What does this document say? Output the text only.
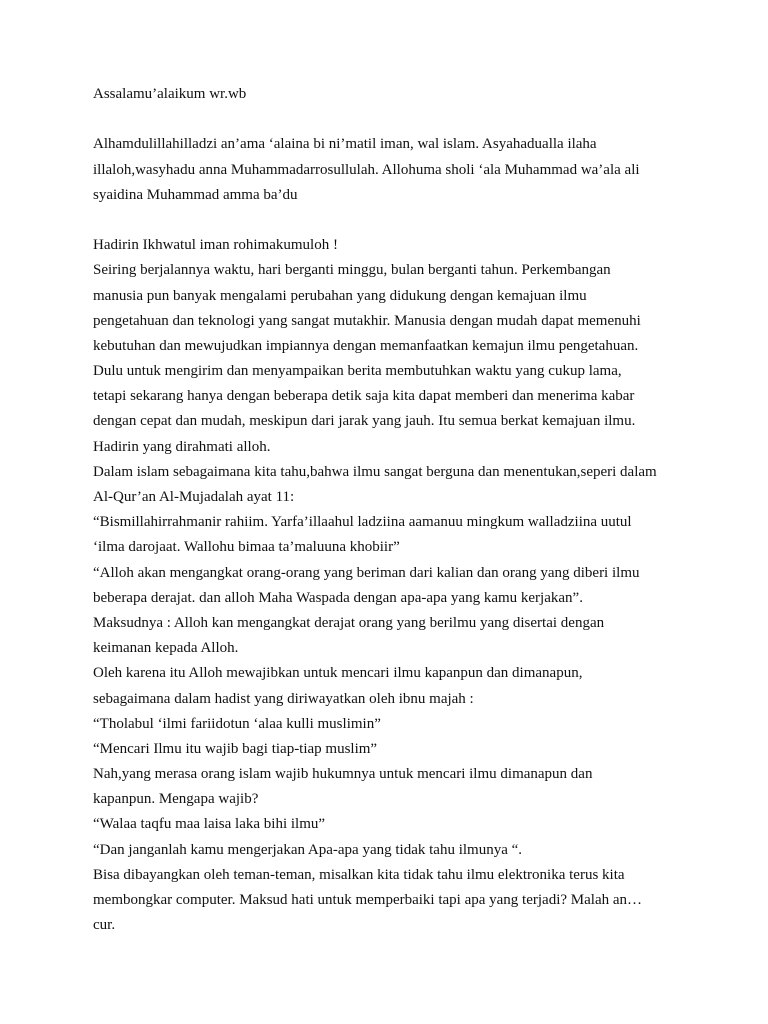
Assalamu’alaikum wr.wb
Alhamdulillahilladzi an’ama ‘alaina bi ni’matil iman, wal islam. Asyahadualla ilaha
illaloh,wasyhadu anna Muhammadarrosullulah. Allohuma sholi ‘ala Muhammad wa’ala ali
syaidina Muhammad amma ba’du
Hadirin Ikhwatul iman rohimakumuloh !
Seiring berjalannya waktu, hari berganti minggu, bulan berganti tahun. Perkembangan
manusia pun banyak mengalami perubahan yang didukung dengan kemajuan ilmu
pengetahuan dan teknologi yang sangat mutakhir. Manusia dengan mudah dapat memenuhi
kebutuhan dan mewujudkan impiannya dengan memanfaatkan kemajun ilmu pengetahuan.
Dulu untuk mengirim dan menyampaikan berita membutuhkan waktu yang cukup lama,
tetapi sekarang hanya dengan beberapa detik saja kita dapat memberi dan menerima kabar
dengan cepat dan mudah, meskipun dari jarak yang jauh. Itu semua berkat kemajuan ilmu.
Hadirin yang dirahmati alloh.
Dalam islam sebagaimana kita tahu,bahwa ilmu sangat berguna dan menentukan,seperi dalam
Al-Qur’an Al-Mujadalah ayat 11:
“Bismillahirrahmanir rahiim. Yarfa’illaahul ladziina aamanuu mingkum walladziina uutul
‘ilma darojaat. Wallohu bimaa ta’maluuna khobiir”
“Alloh akan mengangkat orang-orang yang beriman dari kalian dan orang yang diberi ilmu
beberapa derajat. dan alloh Maha Waspada dengan apa-apa yang kamu kerjakan”.
Maksudnya : Alloh kan mengangkat derajat orang yang berilmu yang disertai dengan
keimanan kepada Alloh.
Oleh karena itu Alloh mewajibkan untuk mencari ilmu kapanpun dan dimanapun,
sebagaimana dalam hadist yang diriwayatkan oleh ibnu majah :
“Tholabul ‘ilmi fariidotun ‘alaa kulli muslimin”
“Mencari Ilmu itu wajib bagi tiap-tiap muslim”
Nah,yang merasa orang islam wajib hukumnya untuk mencari ilmu dimanapun dan
kapanpun. Mengapa wajib?
“Walaa taqfu maa laisa laka bihi ilmu”
“Dan janganlah kamu mengerjakan Apa-apa yang tidak tahu ilmunya “.
Bisa dibayangkan oleh teman-teman, misalkan kita tidak tahu ilmu elektronika terus kita
membongkar computer. Maksud hati untuk memperbaiki tapi apa yang terjadi? Malah an…
cur.
